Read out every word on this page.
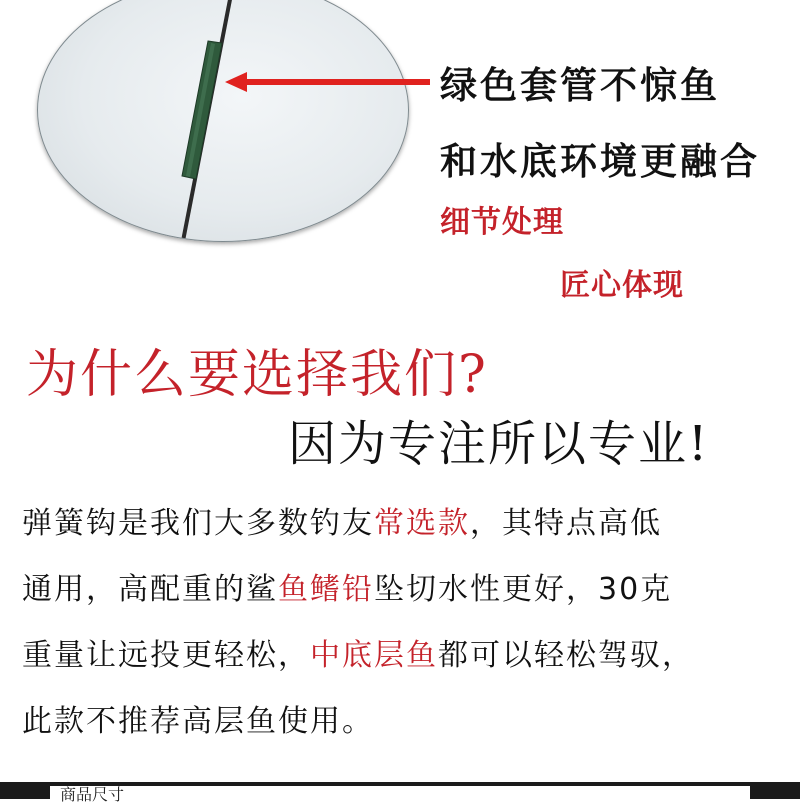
绿色套管不惊鱼
和水底环境更融合
细节处理
匠心体现
为什么要选择我们?
因为专注所以专业!
弹簧钩是我们大多数钓友常选款，其特点高低
通用，高配重的鲨鱼鳍铅坠切水性更好，30克
重量让远投更轻松，中底层鱼都可以轻松驾驭，
此款不推荐高层鱼使用。
商品尺寸
